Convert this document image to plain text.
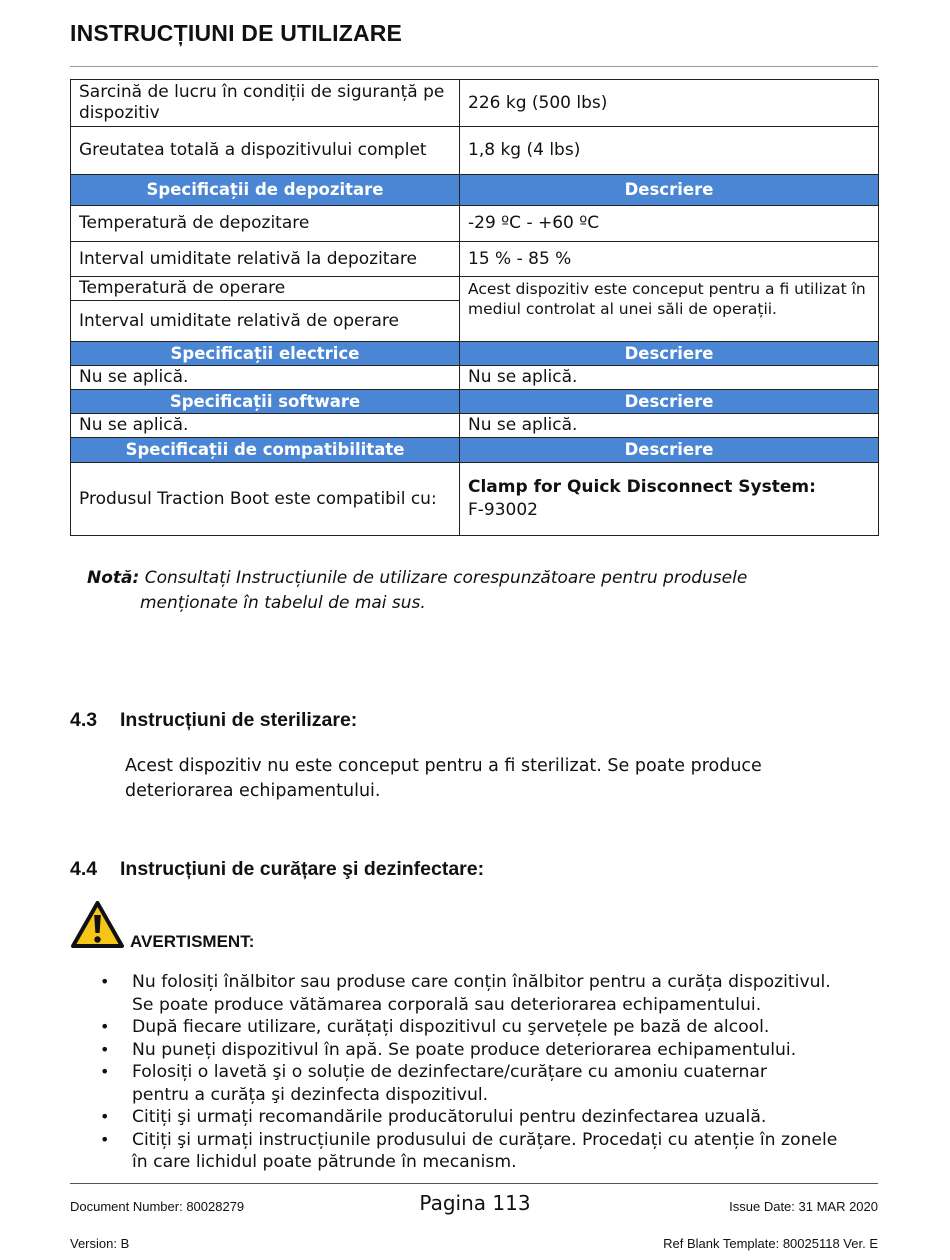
INSTRUCȚIUNI DE UTILIZARE
Sarcină de lucru în condiții de siguranță pe dispozitiv	226 kg (500 lbs)
Greutatea totală a dispozitivului complet	1,8 kg (4 lbs)
Specificații de depozitare	Descriere
Temperatură de depozitare	-29 ºC - +60 ºC
Interval umiditate relativă la depozitare	15 % - 85 %
Temperatură de operare	Acest dispozitiv este conceput pentru a fi utilizat în mediul controlat al unei săli de operații.
Interval umiditate relativă de operare	
Specificații electrice	Descriere
Nu se aplică.	Nu se aplică.
Specificații software	Descriere
Nu se aplică.	Nu se aplică.
Specificații de compatibilitate	Descriere
Produsul Traction Boot este compatibil cu:	Clamp for Quick Disconnect System:
F-93002
Notă: Consultați Instrucțiunile de utilizare corespunzătoare pentru produsele
menționate în tabelul de mai sus.
4.3 Instrucțiuni de sterilizare:
Acest dispozitiv nu este conceput pentru a fi sterilizat. Se poate produce
deteriorarea echipamentului.
4.4 Instrucțiuni de curățare şi dezinfectare:
AVERTISMENT:
• Nu folosiți înălbitor sau produse care conțin înălbitor pentru a curăța dispozitivul.
Se poate produce vătămarea corporală sau deteriorarea echipamentului.
• După fiecare utilizare, curățați dispozitivul cu şervețele pe bază de alcool.
• Nu puneți dispozitivul în apă. Se poate produce deteriorarea echipamentului.
• Folosiți o lavetă şi o soluție de dezinfectare/curățare cu amoniu cuaternar
pentru a curăța şi dezinfecta dispozitivul.
• Citiți şi urmați recomandările producătorului pentru dezinfectarea uzuală.
• Citiți şi urmați instrucțiunile produsului de curățare. Procedați cu atenție în zonele
în care lichidul poate pătrunde în mecanism.
Document Number: 80028279	Pagina 113	Issue Date: 31 MAR 2020
Version: B	Ref Blank Template: 80025118 Ver. E
